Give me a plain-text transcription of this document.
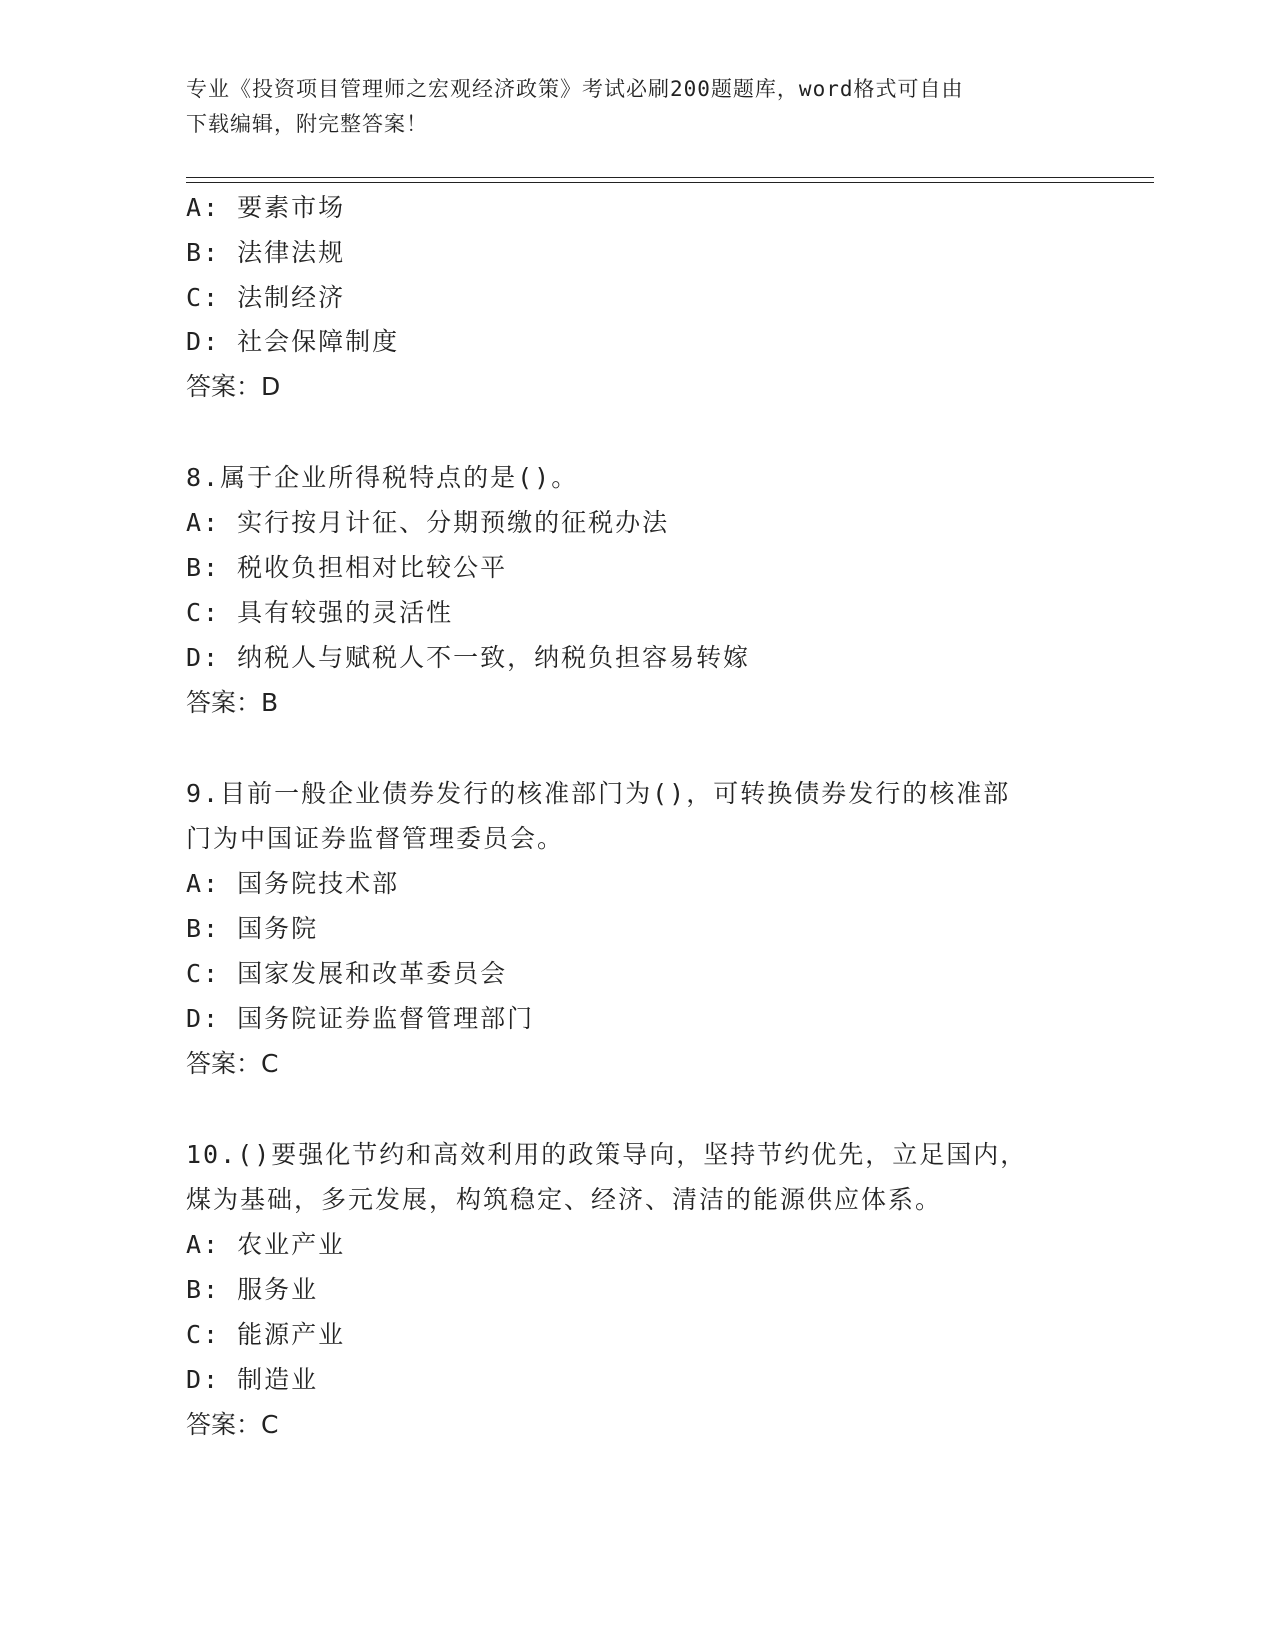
专业《投资项目管理师之宏观经济政策》考试必刷200题题库，word格式可自由
下载编辑，附完整答案！
A: 要素市场
B: 法律法规
C: 法制经济
D: 社会保障制度
答案：D
8.属于企业所得税特点的是()。
A: 实行按月计征、分期预缴的征税办法
B: 税收负担相对比较公平
C: 具有较强的灵活性
D: 纳税人与赋税人不一致，纳税负担容易转嫁
答案：B
9.目前一般企业债券发行的核准部门为()，可转换债券发行的核准部
门为中国证券监督管理委员会。
A: 国务院技术部
B: 国务院
C: 国家发展和改革委员会
D: 国务院证券监督管理部门
答案：C
10.()要强化节约和高效利用的政策导向，坚持节约优先，立足国内，
煤为基础，多元发展，构筑稳定、经济、清洁的能源供应体系。
A: 农业产业
B: 服务业
C: 能源产业
D: 制造业
答案：C
